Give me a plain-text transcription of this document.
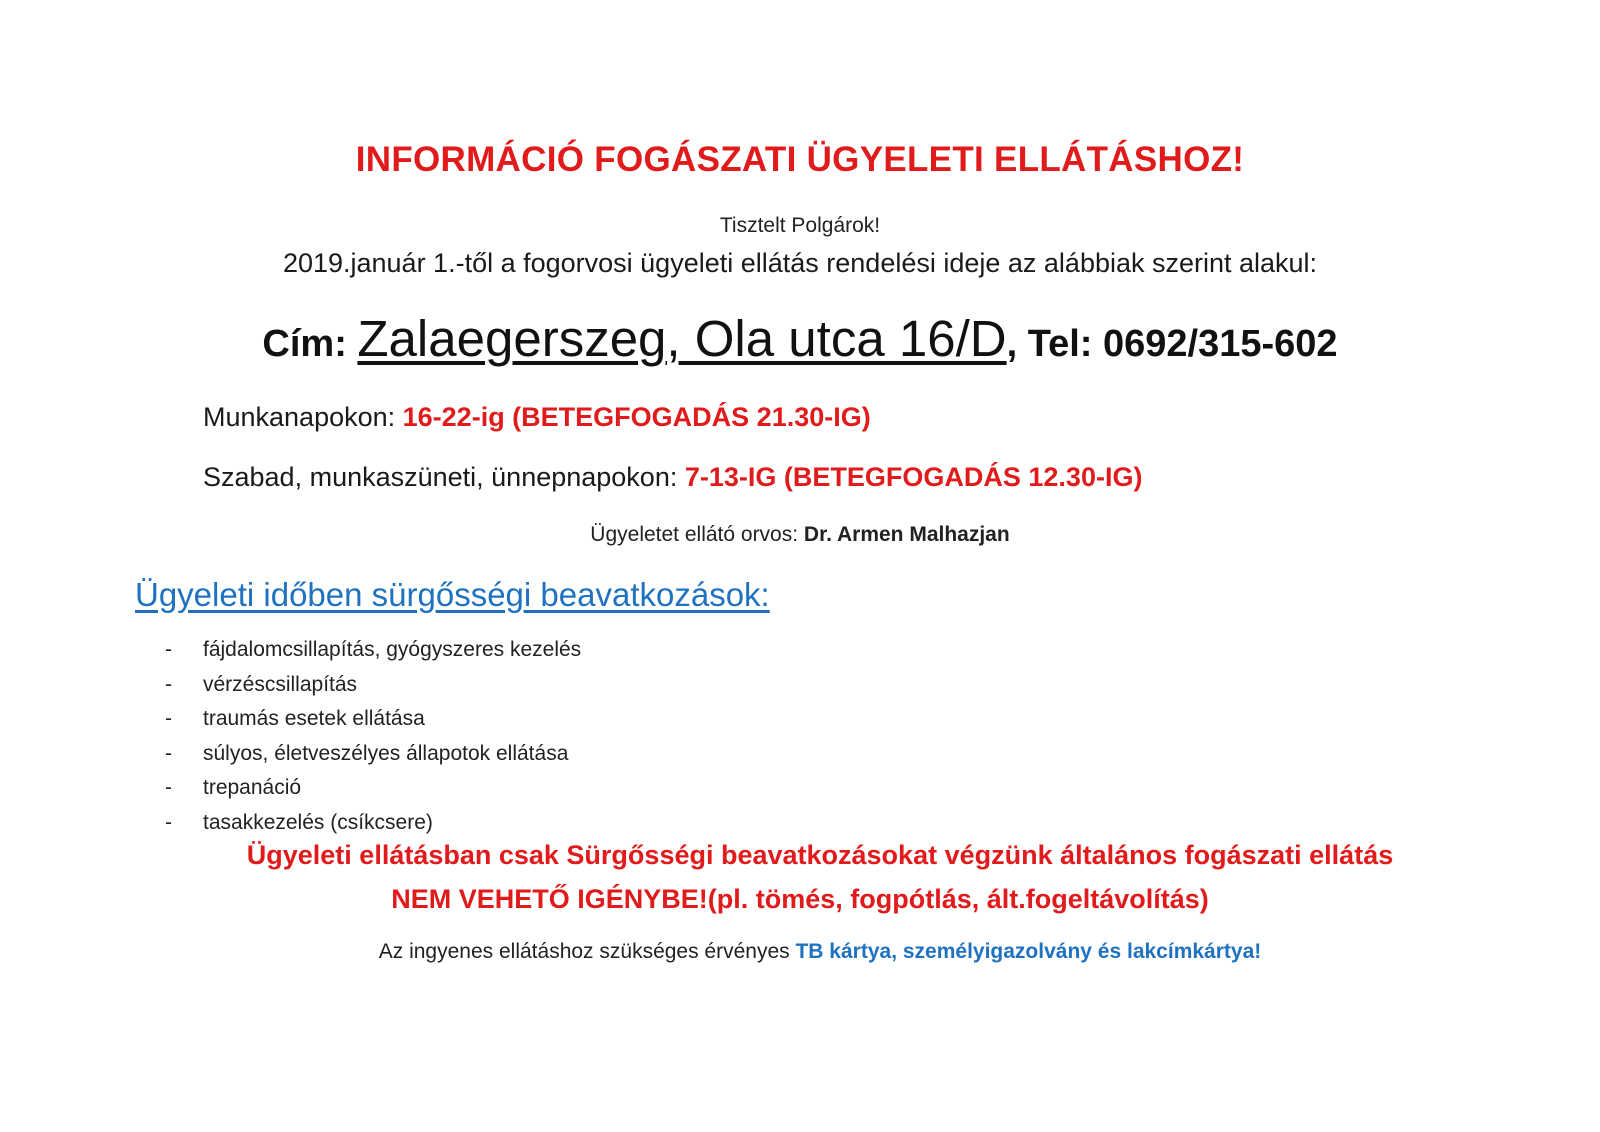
INFORMÁCIÓ FOGÁSZATI ÜGYELETI ELLÁTÁSHOZ!
Tisztelt Polgárok!
2019.január 1.-től a fogorvosi ügyeleti ellátás rendelési ideje az alábbiak szerint alakul:
Cím: Zalaegerszeg, Ola utca 16/D, Tel: 0692/315-602
Munkanapokon: 16-22-ig (BETEGFOGADÁS 21.30-IG)
Szabad, munkaszüneti, ünnepnapokon: 7-13-IG (BETEGFOGADÁS 12.30-IG)
Ügyeletet ellátó orvos: Dr. Armen Malhazjan
Ügyeleti időben sürgősségi beavatkozások:
-	fájdalomcsillapítás, gyógyszeres kezelés
-	vérzéscsillapítás
-	traumás esetek ellátása
-	súlyos, életveszélyes állapotok ellátása
-	trepanáció
-	tasakkezelés (csíkcsere)
Ügyeleti ellátásban csak Sürgősségi beavatkozásokat végzünk általános fogászati ellátás
NEM VEHETŐ IGÉNYBE!(pl. tömés, fogpótlás, ált.fogeltávolítás)
Az ingyenes ellátáshoz szükséges érvényes TB kártya, személyigazolvány és lakcímkártya!
